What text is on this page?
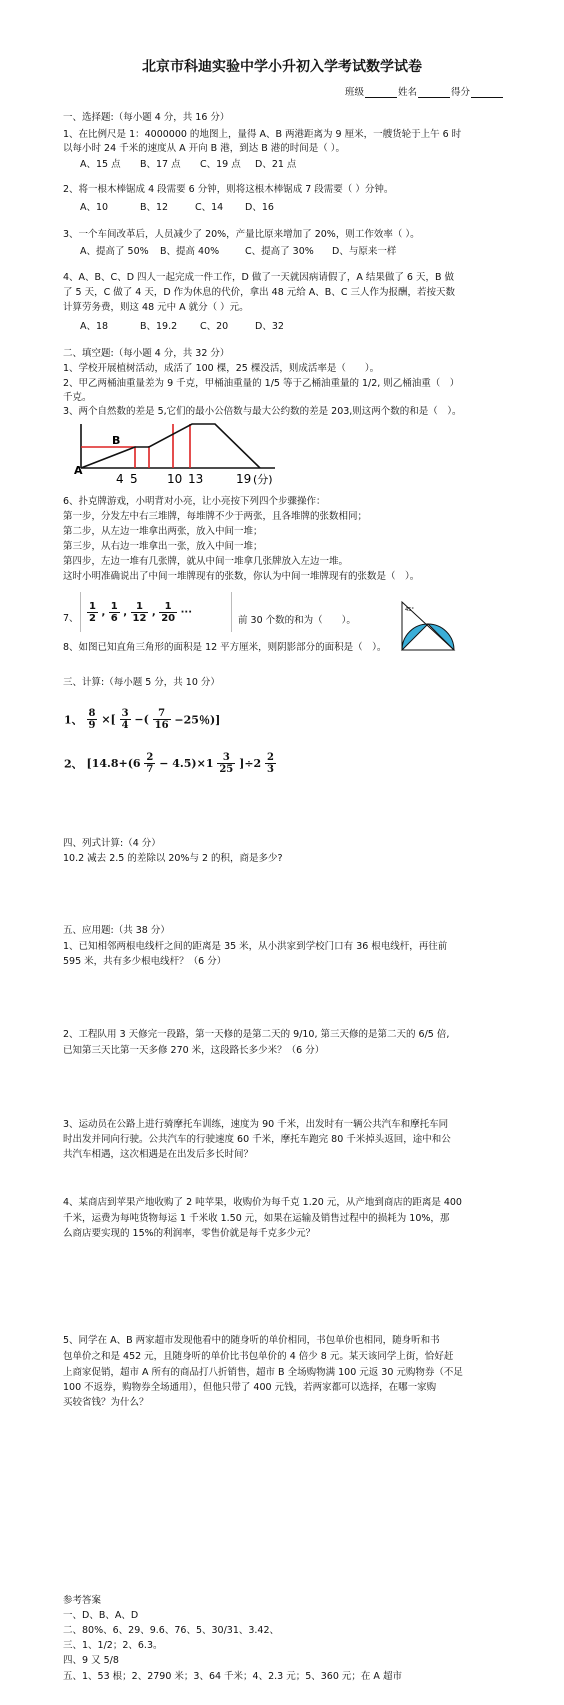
北京市科迪实验中学小升初入学考试数学试卷
班级	姓名	得分
一、选择题:（每小题 4 分，共 16 分）
1、在比例尺是 1：4000000 的地图上，量得 A、B 两港距离为 9 厘米，一艘货轮于上午 6 时
以每小时 24 千米的速度从 A 开向 B 港，到达 B 港的时间是（ ）。
A、15 点 B、17 点 C、19 点 D、21 点
2、将一根木棒锯成 4 段需要 6 分钟，则将这根木棒锯成 7 段需要（ ）分钟。
A、10	B、12	C、14 D、16
3、一个车间改革后，人员减少了 20%，产量比原来增加了 20%，则工作效率（ ）。
A、提高了 50% B、提高 40%	C、提高了 30% D、与原来一样
4、A、B、C、D 四人一起完成一件工作，D 做了一天就因病请假了，A 结果做了 6 天，B 做
了 5 天，C 做了 4 天，D 作为休息的代价，拿出 48 元给 A、B、C 三人作为报酬，若按天数
计算劳务费，则这 48 元中 A 就分（ ）元。
A、18	B、19.2 C、20	D、32
二、填空题:（每小题 4 分，共 32 分）
1、学校开展植树活动，成活了 100 棵，25 棵没活，则成活率是（　　）。
2、甲乙两桶油重量差为 9 千克，甲桶油重量的 1/5 等于乙桶油重量的 1/2, 则乙桶油重（　）
千克。
3、两个自然数的差是 5,它们的最小公倍数与最大公约数的差是 203,则这两个数的和是（　）。
A
B
4 5 10 13	19 (分)
6、扑克牌游戏，小明背对小亮，让小亮按下列四个步骤操作：
第一步，分发左中右三堆牌，每堆牌不少于两张，且各堆牌的张数相同；
第二步，从左边一堆拿出两张，放入中间一堆；
第三步，从右边一堆拿出一张，放入中间一堆；
第四步，左边一堆有几张牌，就从中间一堆拿几张牌放入左边一堆。
这时小明准确说出了中间一堆牌现有的张数，你认为中间一堆牌现有的张数是（　）。
7、 $\frac{1}{2}$ , $\frac{1}{6}$ , $\frac{1}{12}$ , $\frac{1}{20}$ ···
前 30 个数的和为（　　）。
8、如图已知直角三角形的面积是 12 平方厘米，则阴影部分的面积是（　）。
45°
三、计算:（每小题 5 分，共 10 分）
1、 $\frac{8}{9}$ ×[ $\frac{3}{4}$ −( $\frac{7}{16} -25$％)]
2、 $[14.8+(6 \frac{2}{7} - 4.5)\times 1 \frac{3}{25} ]\div 2 \frac{2}{3}$
四、列式计算:（4 分）
10.2 减去 2.5 的差除以 20%与 2 的积，商是多少?
五、应用题:（共 38 分）
1、已知相邻两根电线杆之间的距离是 35 米，从小洪家到学校门口有 36 根电线杆，再往前
595 米，共有多少根电线杆？（6 分）
2、工程队用 3 天修完一段路，第一天修的是第二天的 9/10, 第三天修的是第二天的 6/5 倍,
已知第三天比第一天多修 270 米，这段路长多少米？（6 分）
3、运动员在公路上进行骑摩托车训练，速度为 90 千米，出发时有一辆公共汽车和摩托车同
时出发并同向行驶。公共汽车的行驶速度 60 千米，摩托车跑完 80 千米掉头返回，途中和公
共汽车相遇，这次相遇是在出发后多长时间？
4、某商店到苹果产地收购了 2 吨苹果，收购价为每千克 1.20 元，从产地到商店的距离是 400
千米，运费为每吨货物每运 1 千米收 1.50 元，如果在运输及销售过程中的损耗为 10%，那
么商店要实现的 15%的利润率，零售价就是每千克多少元？
5、同学在 A、B 两家超市发现他看中的随身听的单价相同，书包单价也相同，随身听和书
包单价之和是 452 元，且随身听的单价比书包单价的 4 倍少 8 元。某天该同学上街，恰好赶
上商家促销，超市 A 所有的商品打八折销售，超市 B 全场购物满 100 元返 30 元购物券（不足
100 不返券，购物券全场通用），但他只带了 400 元钱，若两家都可以选择，在哪一家购
买较省钱？为什么？
参考答案
一、D、B、A、D
二、80%、6、29、9.6、76、5、30/31、3.42、
三、1、1/2；2、6.3。
四、9 又 5/8
五、1、53 根；2、2790 米；3、64 千米；4、2.3 元；5、360 元；在 A 超市
